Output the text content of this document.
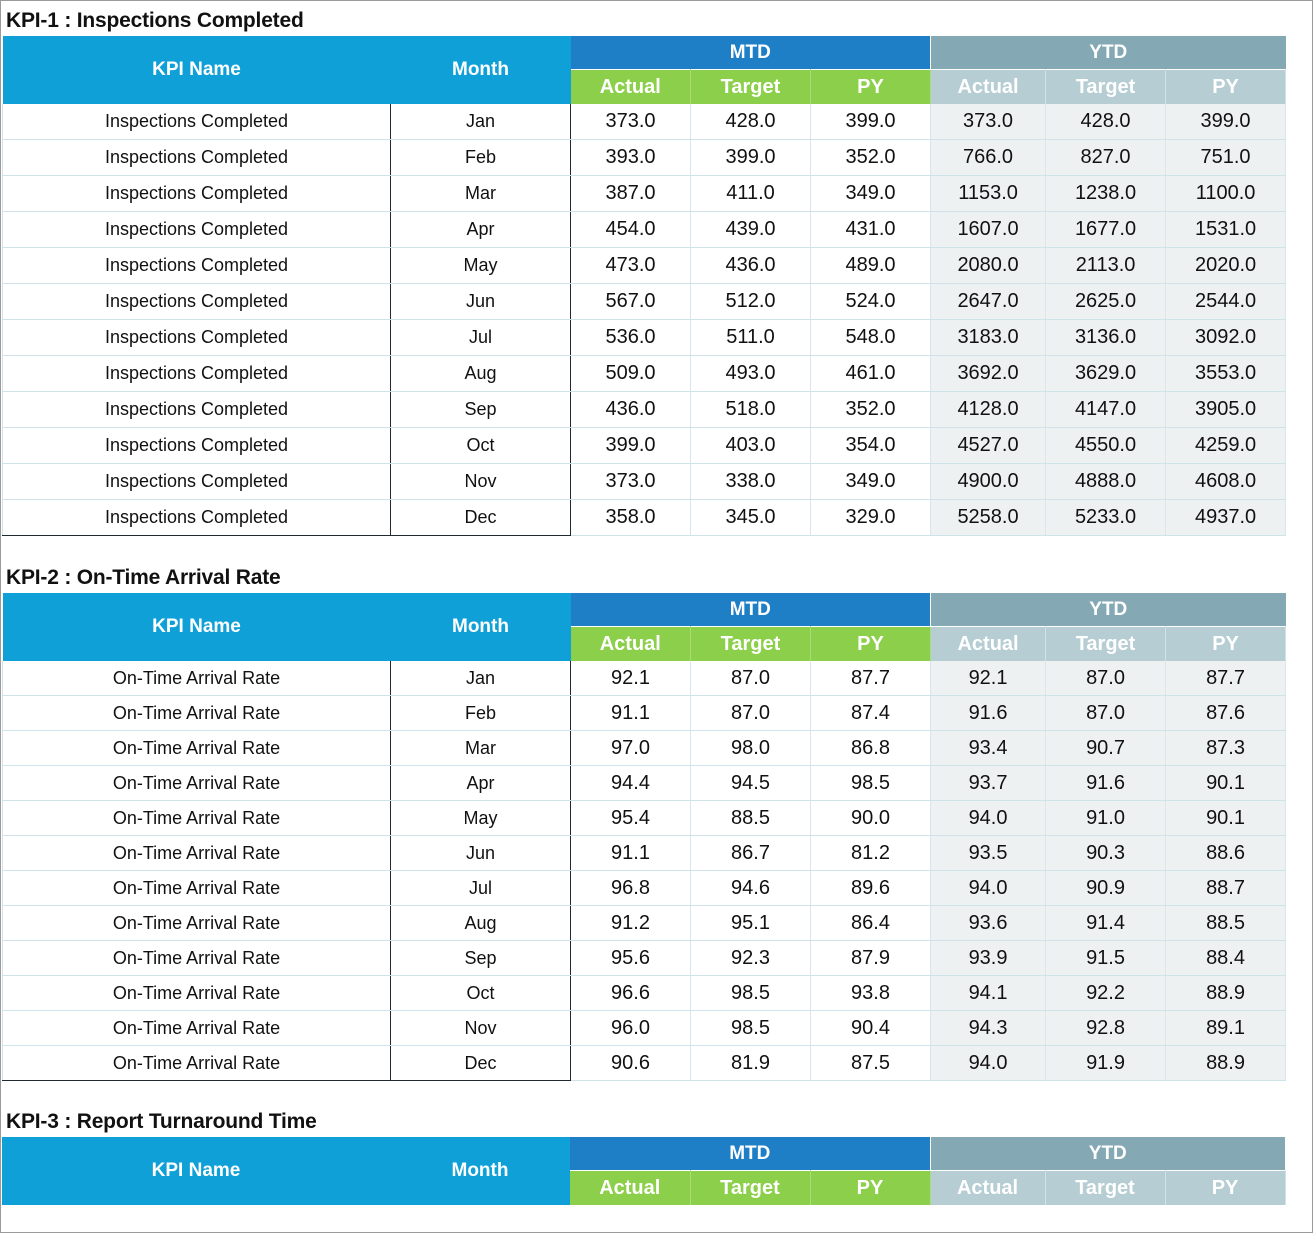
KPI-1 : Inspections Completed
KPI Name	Month	MTD			YTD		
		Actual	Target	PY	Actual	Target	PY
Inspections Completed	Jan	373.0	428.0	399.0	373.0	428.0	399.0
Inspections Completed	Feb	393.0	399.0	352.0	766.0	827.0	751.0
Inspections Completed	Mar	387.0	411.0	349.0	1153.0	1238.0	1100.0
Inspections Completed	Apr	454.0	439.0	431.0	1607.0	1677.0	1531.0
Inspections Completed	May	473.0	436.0	489.0	2080.0	2113.0	2020.0
Inspections Completed	Jun	567.0	512.0	524.0	2647.0	2625.0	2544.0
Inspections Completed	Jul	536.0	511.0	548.0	3183.0	3136.0	3092.0
Inspections Completed	Aug	509.0	493.0	461.0	3692.0	3629.0	3553.0
Inspections Completed	Sep	436.0	518.0	352.0	4128.0	4147.0	3905.0
Inspections Completed	Oct	399.0	403.0	354.0	4527.0	4550.0	4259.0
Inspections Completed	Nov	373.0	338.0	349.0	4900.0	4888.0	4608.0
Inspections Completed	Dec	358.0	345.0	329.0	5258.0	5233.0	4937.0
KPI-2 : On-Time Arrival Rate
KPI Name	Month	MTD			YTD		
		Actual	Target	PY	Actual	Target	PY
On-Time Arrival Rate	Jan	92.1	87.0	87.7	92.1	87.0	87.7
On-Time Arrival Rate	Feb	91.1	87.0	87.4	91.6	87.0	87.6
On-Time Arrival Rate	Mar	97.0	98.0	86.8	93.4	90.7	87.3
On-Time Arrival Rate	Apr	94.4	94.5	98.5	93.7	91.6	90.1
On-Time Arrival Rate	May	95.4	88.5	90.0	94.0	91.0	90.1
On-Time Arrival Rate	Jun	91.1	86.7	81.2	93.5	90.3	88.6
On-Time Arrival Rate	Jul	96.8	94.6	89.6	94.0	90.9	88.7
On-Time Arrival Rate	Aug	91.2	95.1	86.4	93.6	91.4	88.5
On-Time Arrival Rate	Sep	95.6	92.3	87.9	93.9	91.5	88.4
On-Time Arrival Rate	Oct	96.6	98.5	93.8	94.1	92.2	88.9
On-Time Arrival Rate	Nov	96.0	98.5	90.4	94.3	92.8	89.1
On-Time Arrival Rate	Dec	90.6	81.9	87.5	94.0	91.9	88.9
KPI-3 : Report Turnaround Time
KPI Name	Month	MTD			YTD		
		Actual	Target	PY	Actual	Target	PY
